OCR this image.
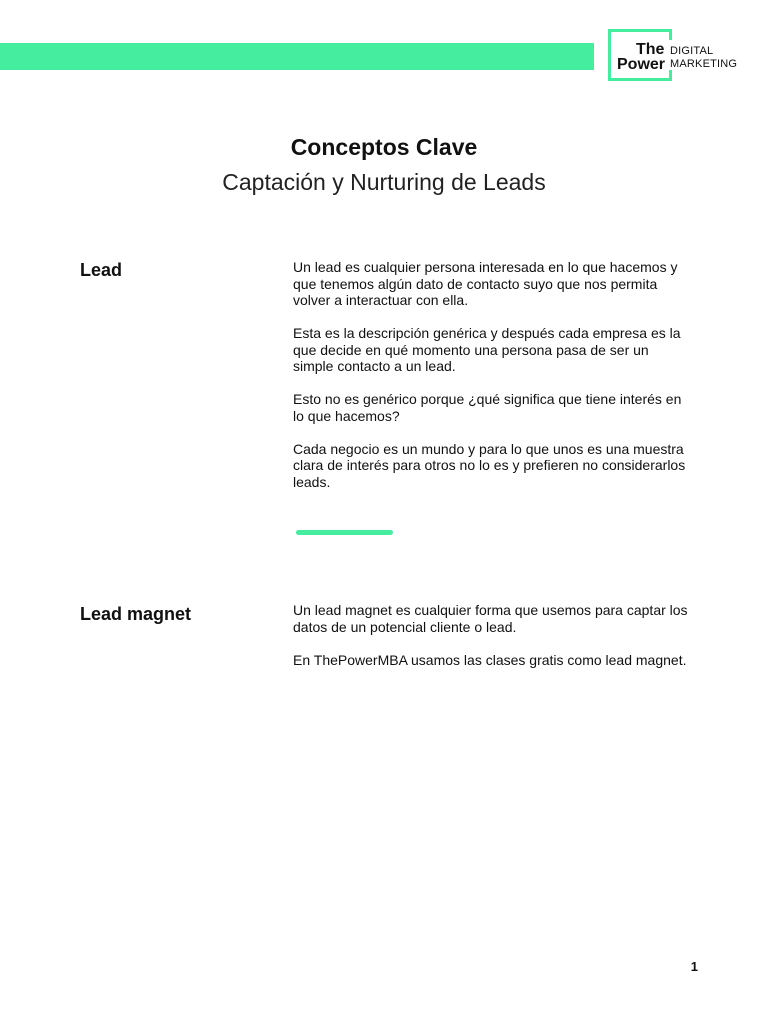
The
Power
DIGITAL
MARKETING
Conceptos Clave
Captación y Nurturing de Leads
Lead	Un lead es cualquier persona interesada en lo que hacemos y que tenemos algún dato de contacto suyo que nos permita volver a interactuar con ella.

Esta es la descripción genérica y después cada empresa es la que decide en qué momento una persona pasa de ser un simple contacto a un lead.

Esto no es genérico porque ¿qué significa que tiene interés en lo que hacemos?

Cada negocio es un mundo y para lo que unos es una muestra clara de interés para otros no lo es y prefieren no considerarlos leads.

Lead magnet	Un lead magnet es cualquier forma que usemos para captar los datos de un potencial cliente o lead.

En ThePowerMBA usamos las clases gratis como lead magnet.

1
